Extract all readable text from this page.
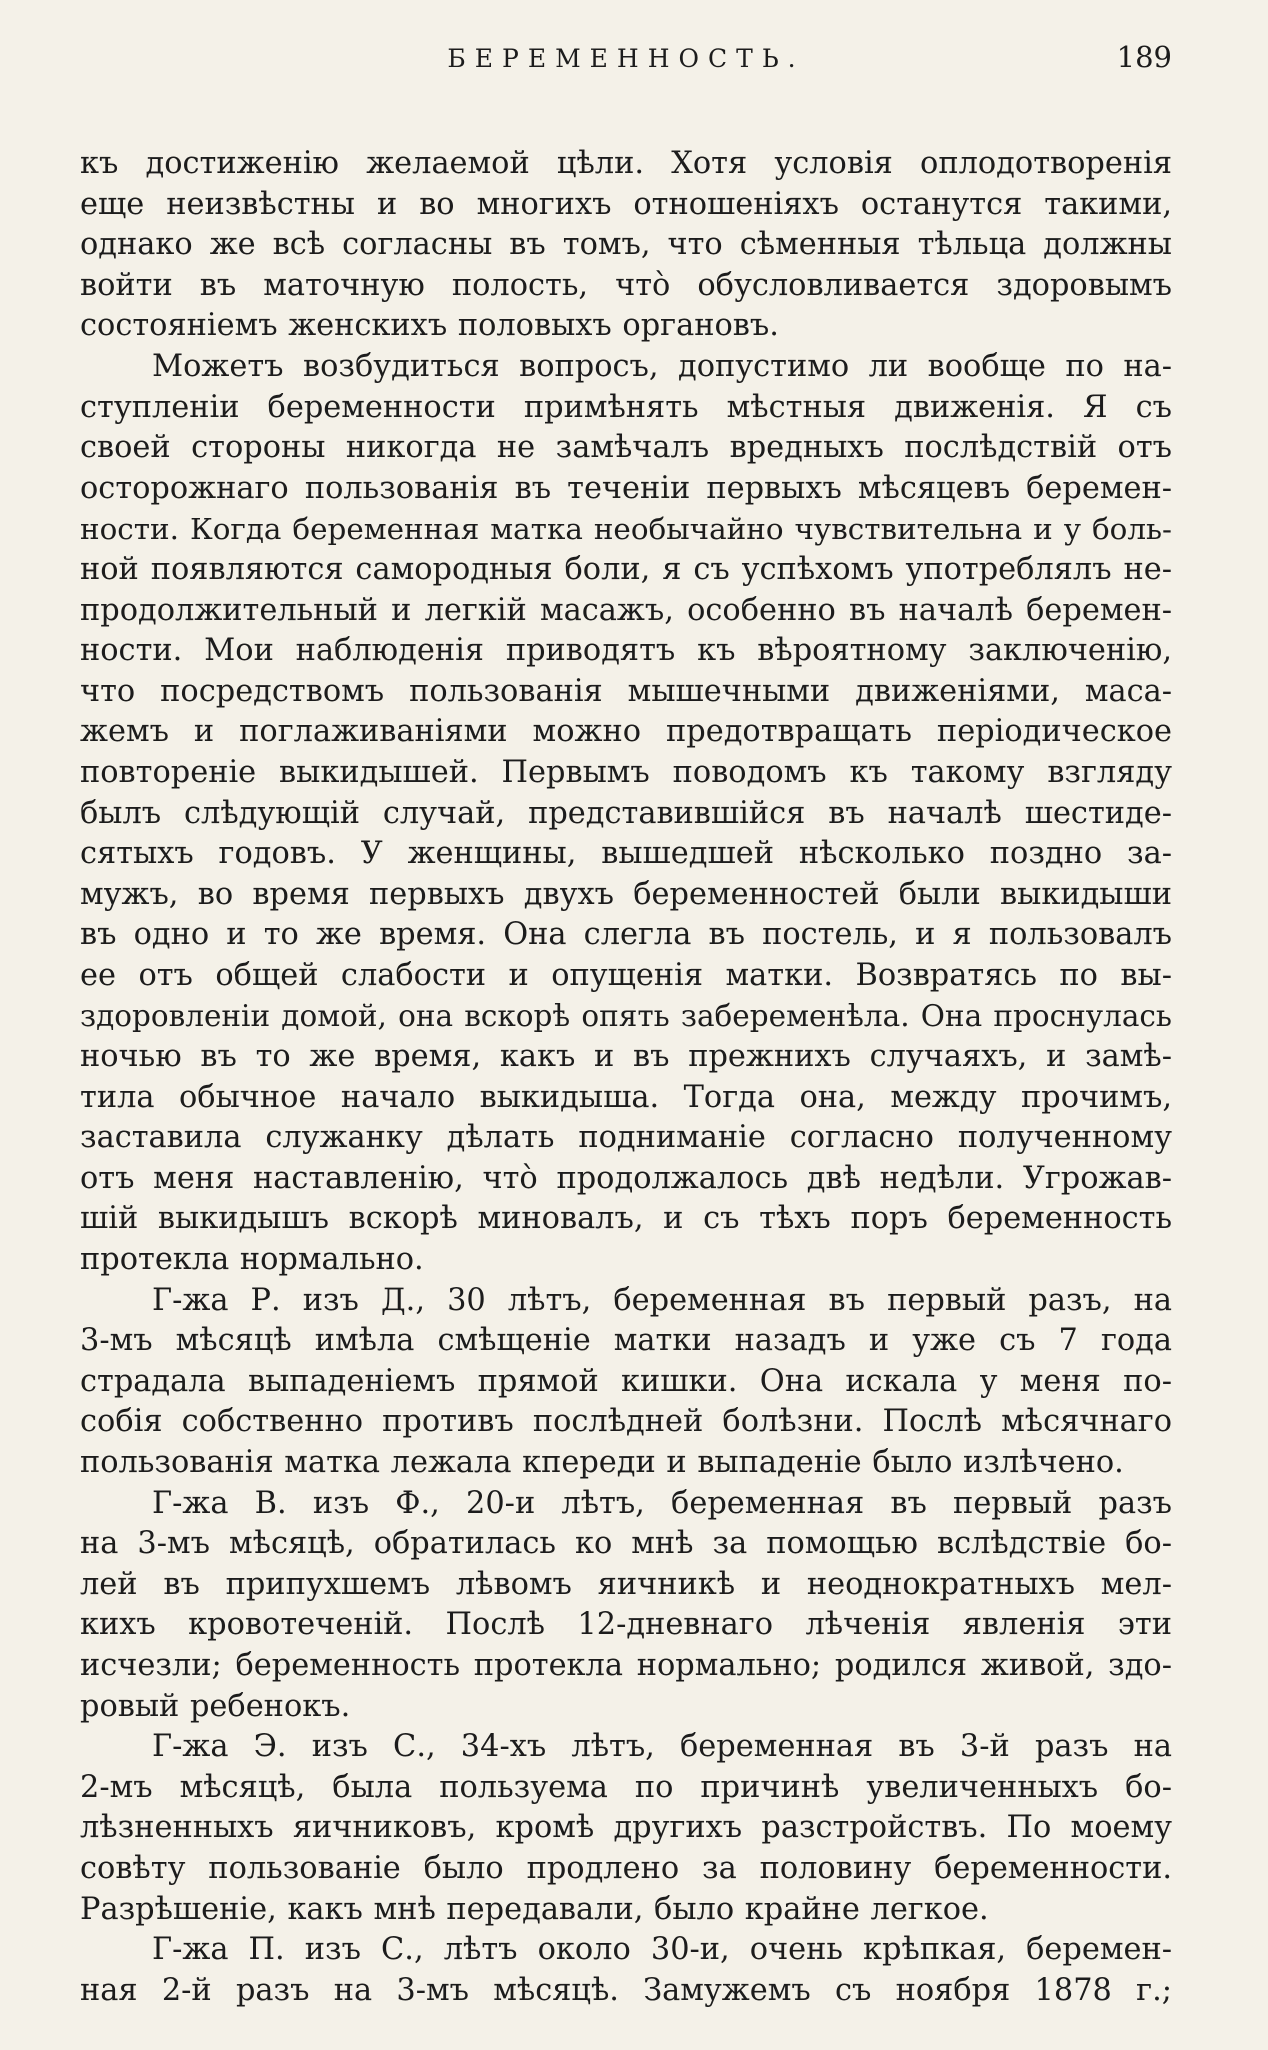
БЕРЕМЕННОСТЬ.	189
къ достиженію желаемой цѣли. Хотя условія оплодотворенія
еще неизвѣстны и во многихъ отношеніяхъ останутся такими,
однако же всѣ согласны въ томъ, что сѣменныя тѣльца должны
войти въ маточную полость, что̀ обусловливается здоровымъ
состояніемъ женскихъ половыхъ органовъ.
Можетъ возбудиться вопросъ, допустимо ли вообще по на-
ступленіи беременности примѣнять мѣстныя движенія. Я съ
своей стороны никогда не замѣчалъ вредныхъ послѣдствій отъ
осторожнаго пользованія въ теченіи первыхъ мѣсяцевъ беремен-
ности. Когда беременная матка необычайно чувствительна и у боль-
ной появляются самородныя боли, я съ успѣхомъ употреблялъ не-
продолжительный и легкій масажъ, особенно въ началѣ беремен-
ности. Мои наблюденія приводятъ къ вѣроятному заключенію,
что посредствомъ пользованія мышечными движеніями, маса-
жемъ и поглаживаніями можно предотвращать періодическое
повтореніе выкидышей. Первымъ поводомъ къ такому взгляду
былъ слѣдующій случай, представившійся въ началѣ шестиде-
сятыхъ годовъ. У женщины, вышедшей нѣсколько поздно за-
мужъ, во время первыхъ двухъ беременностей были выкидыши
въ одно и то же время. Она слегла въ постель, и я пользовалъ
ее отъ общей слабости и опущенія матки. Возвратясь по вы-
здоровленіи домой, она вскорѣ опять забеременѣла. Она проснулась
ночью въ то же время, какъ и въ прежнихъ случаяхъ, и замѣ-
тила обычное начало выкидыша. Тогда она, между прочимъ,
заставила служанку дѣлать подниманіе согласно полученному
отъ меня наставленію, что̀ продолжалось двѣ недѣли. Угрожав-
шій выкидышъ вскорѣ миновалъ, и съ тѣхъ поръ беременность
протекла нормально.
Г-жа Р. изъ Д., 30 лѣтъ, беременная въ первый разъ, на
3-мъ мѣсяцѣ имѣла смѣщеніе матки назадъ и уже съ 7 года
страдала выпаденіемъ прямой кишки. Она искала у меня по-
собія собственно противъ послѣдней болѣзни. Послѣ мѣсячнаго
пользованія матка лежала кпереди и выпаденіе было излѣчено.
Г-жа В. изъ Ф., 20-и лѣтъ, беременная въ первый разъ
на 3-мъ мѣсяцѣ, обратилась ко мнѣ за помощью вслѣдствіе бо-
лей въ припухшемъ лѣвомъ яичникѣ и неоднократныхъ мел-
кихъ кровотеченій. Послѣ 12-дневнаго лѣченія явленія эти
исчезли; беременность протекла нормально; родился живой, здо-
ровый ребенокъ.
Г-жа Э. изъ С., 34-хъ лѣтъ, беременная въ 3-й разъ на
2-мъ мѣсяцѣ, была пользуема по причинѣ увеличенныхъ бо-
лѣзненныхъ яичниковъ, кромѣ другихъ разстройствъ. По моему
совѣту пользованіе было продлено за половину беременности.
Разрѣшеніе, какъ мнѣ передавали, было крайне легкое.
Г-жа П. изъ С., лѣтъ около 30-и, очень крѣпкая, беремен-
ная 2-й разъ на 3-мъ мѣсяцѣ. Замужемъ съ ноября 1878 г.;
